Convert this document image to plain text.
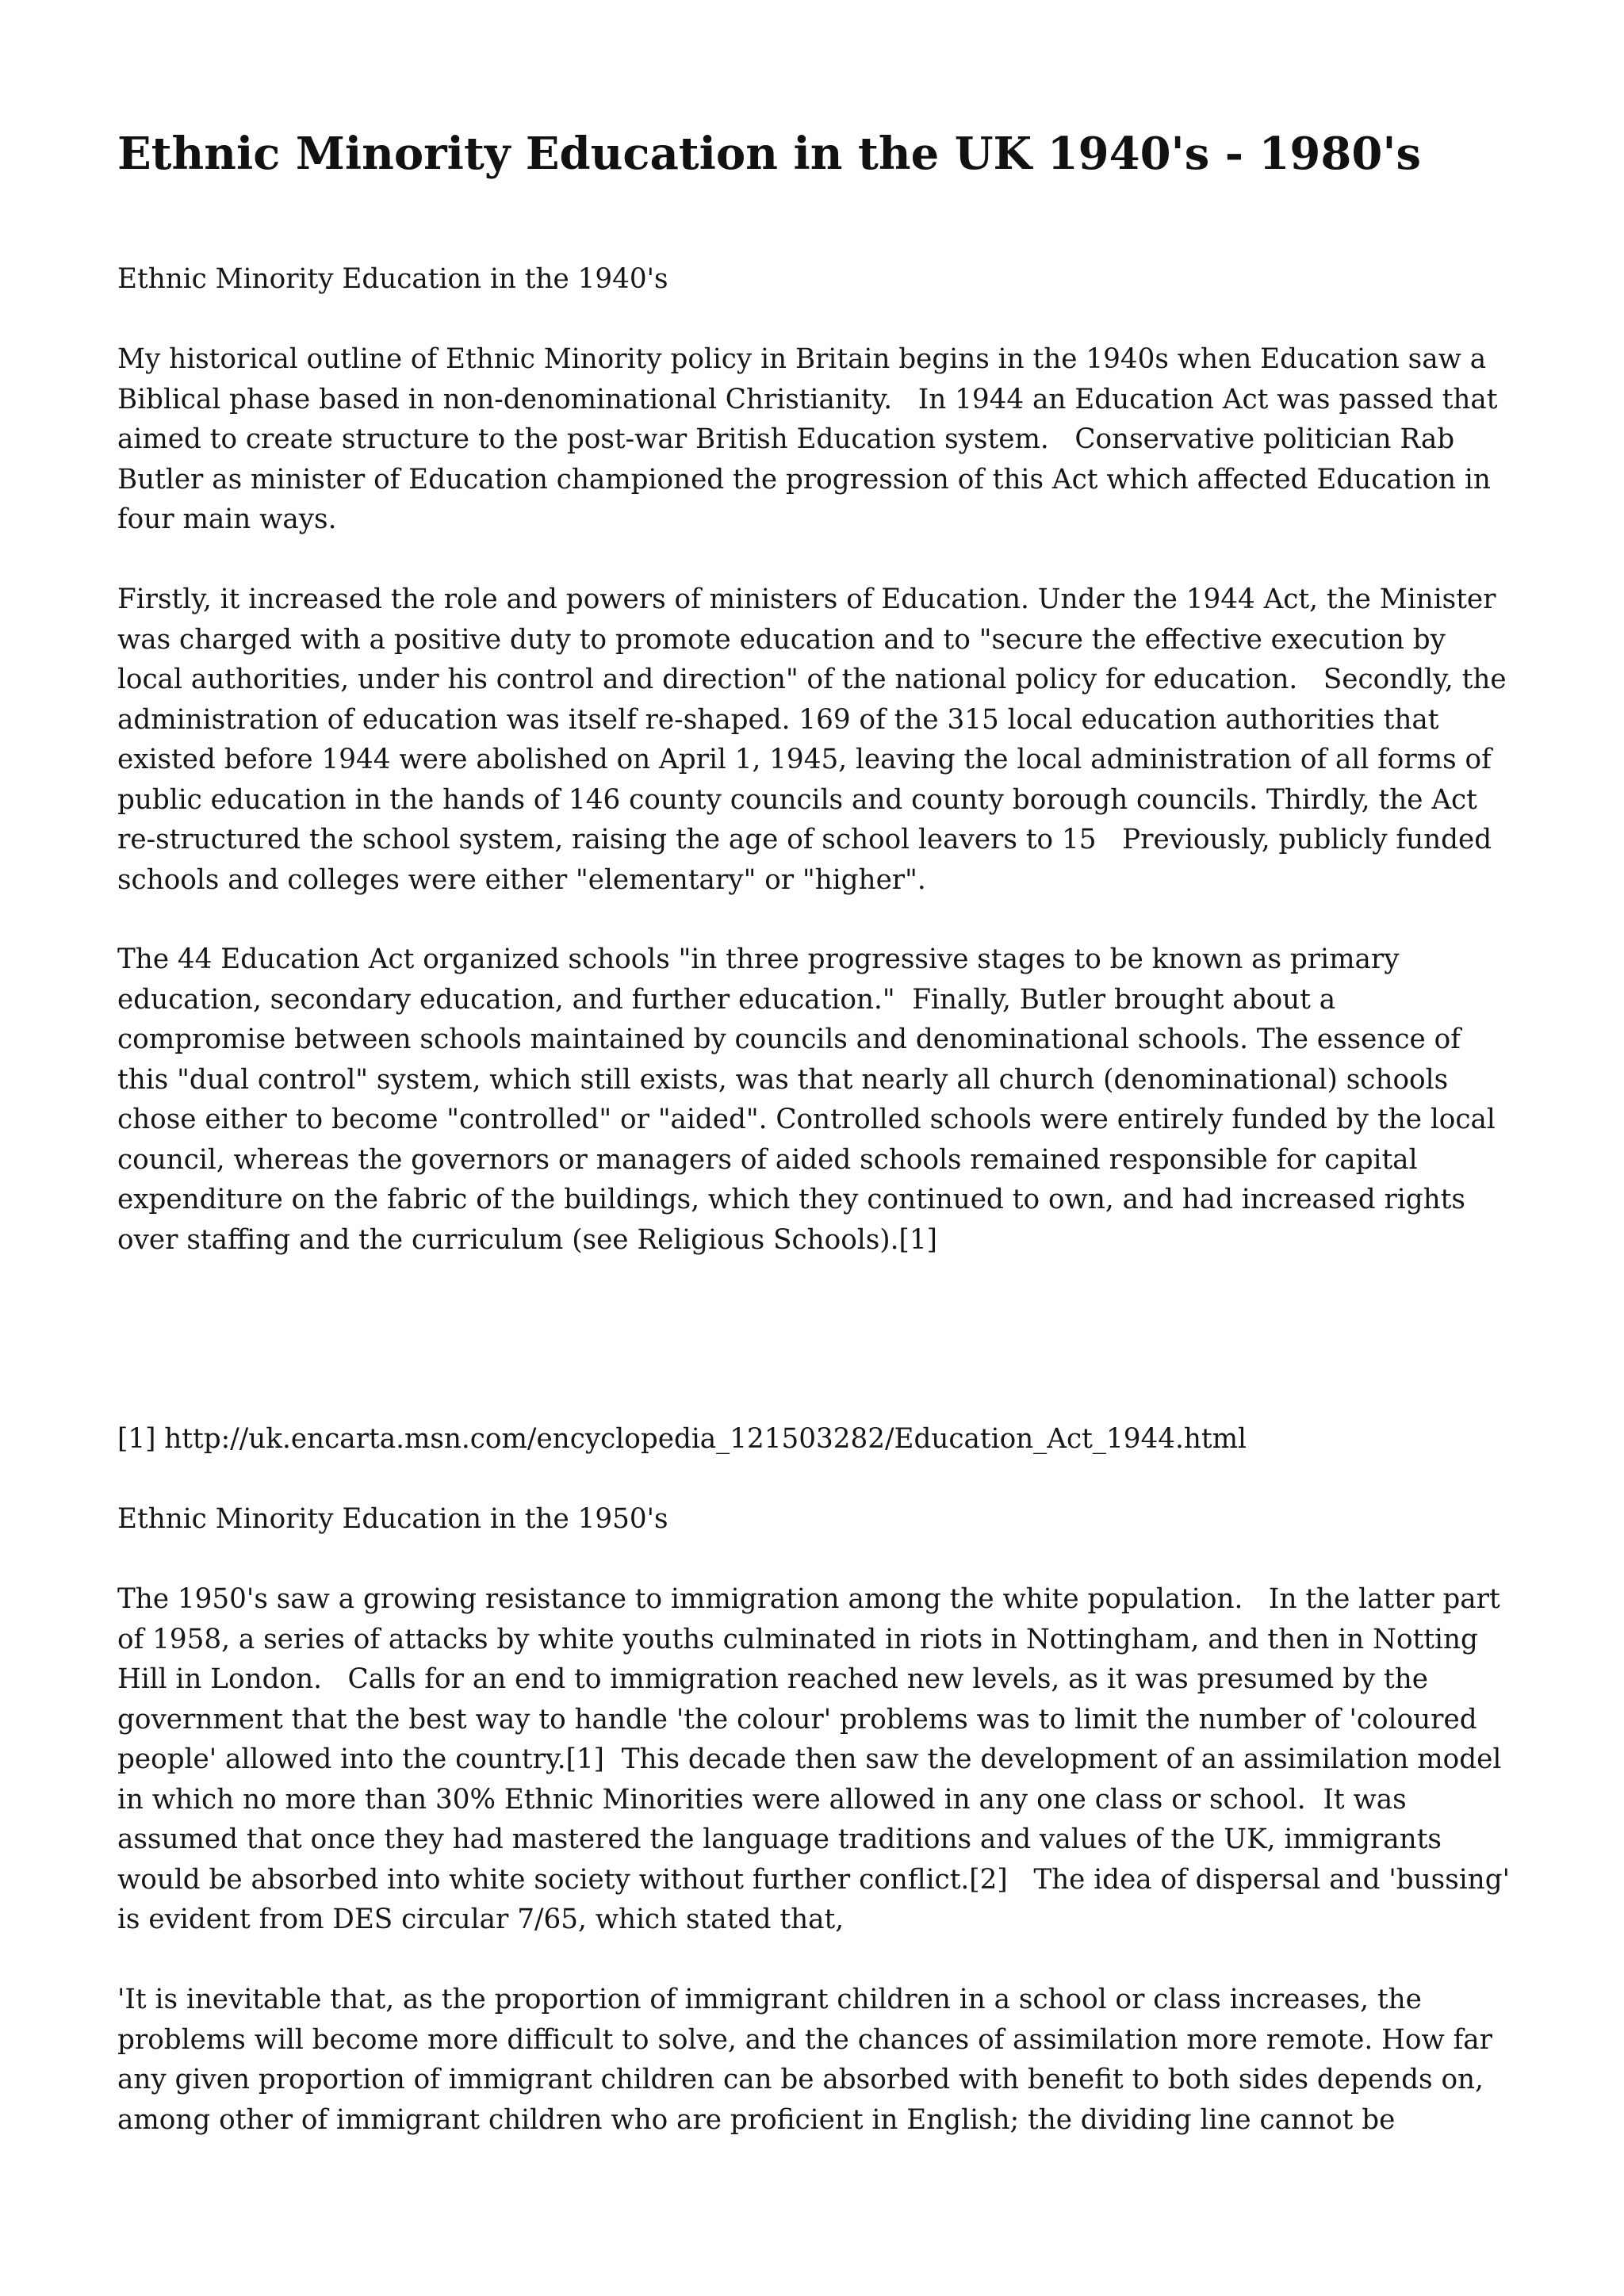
Ethnic Minority Education in the UK 1940's - 1980's

Ethnic Minority Education in the 1940's

My historical outline of Ethnic Minority policy in Britain begins in the 1940s when Education saw a
Biblical phase based in non-denominational Christianity.   In 1944 an Education Act was passed that
aimed to create structure to the post-war British Education system.   Conservative politician Rab
Butler as minister of Education championed the progression of this Act which affected Education in
four main ways.
Firstly, it increased the role and powers of ministers of Education. Under the 1944 Act, the Minister
was charged with a positive duty to promote education and to "secure the effective execution by
local authorities, under his control and direction" of the national policy for education.   Secondly, the
administration of education was itself re-shaped. 169 of the 315 local education authorities that
existed before 1944 were abolished on April 1, 1945, leaving the local administration of all forms of
public education in the hands of 146 county councils and county borough councils. Thirdly, the Act
re-structured the school system, raising the age of school leavers to 15   Previously, publicly funded
schools and colleges were either "elementary" or "higher".
The 44 Education Act organized schools "in three progressive stages to be known as primary
education, secondary education, and further education."  Finally, Butler brought about a
compromise between schools maintained by councils and denominational schools. The essence of
this "dual control" system, which still exists, was that nearly all church (denominational) schools
chose either to become "controlled" or "aided". Controlled schools were entirely funded by the local
council, whereas the governors or managers of aided schools remained responsible for capital
expenditure on the fabric of the buildings, which they continued to own, and had increased rights
over staffing and the curriculum (see Religious Schools).[1]

[1] http://uk.encarta.msn.com/encyclopedia_121503282/Education_Act_1944.html

Ethnic Minority Education in the 1950's

The 1950's saw a growing resistance to immigration among the white population.   In the latter part
of 1958, a series of attacks by white youths culminated in riots in Nottingham, and then in Notting
Hill in London.   Calls for an end to immigration reached new levels, as it was presumed by the
government that the best way to handle 'the colour' problems was to limit the number of 'coloured
people' allowed into the country.[1]  This decade then saw the development of an assimilation model
in which no more than 30% Ethnic Minorities were allowed in any one class or school.  It was
assumed that once they had mastered the language traditions and values of the UK, immigrants
would be absorbed into white society without further conflict.[2]   The idea of dispersal and 'bussing'
is evident from DES circular 7/65, which stated that,
'It is inevitable that, as the proportion of immigrant children in a school or class increases, the
problems will become more difficult to solve, and the chances of assimilation more remote. How far
any given proportion of immigrant children can be absorbed with benefit to both sides depends on,
among other of immigrant children who are proficient in English; the dividing line cannot be
